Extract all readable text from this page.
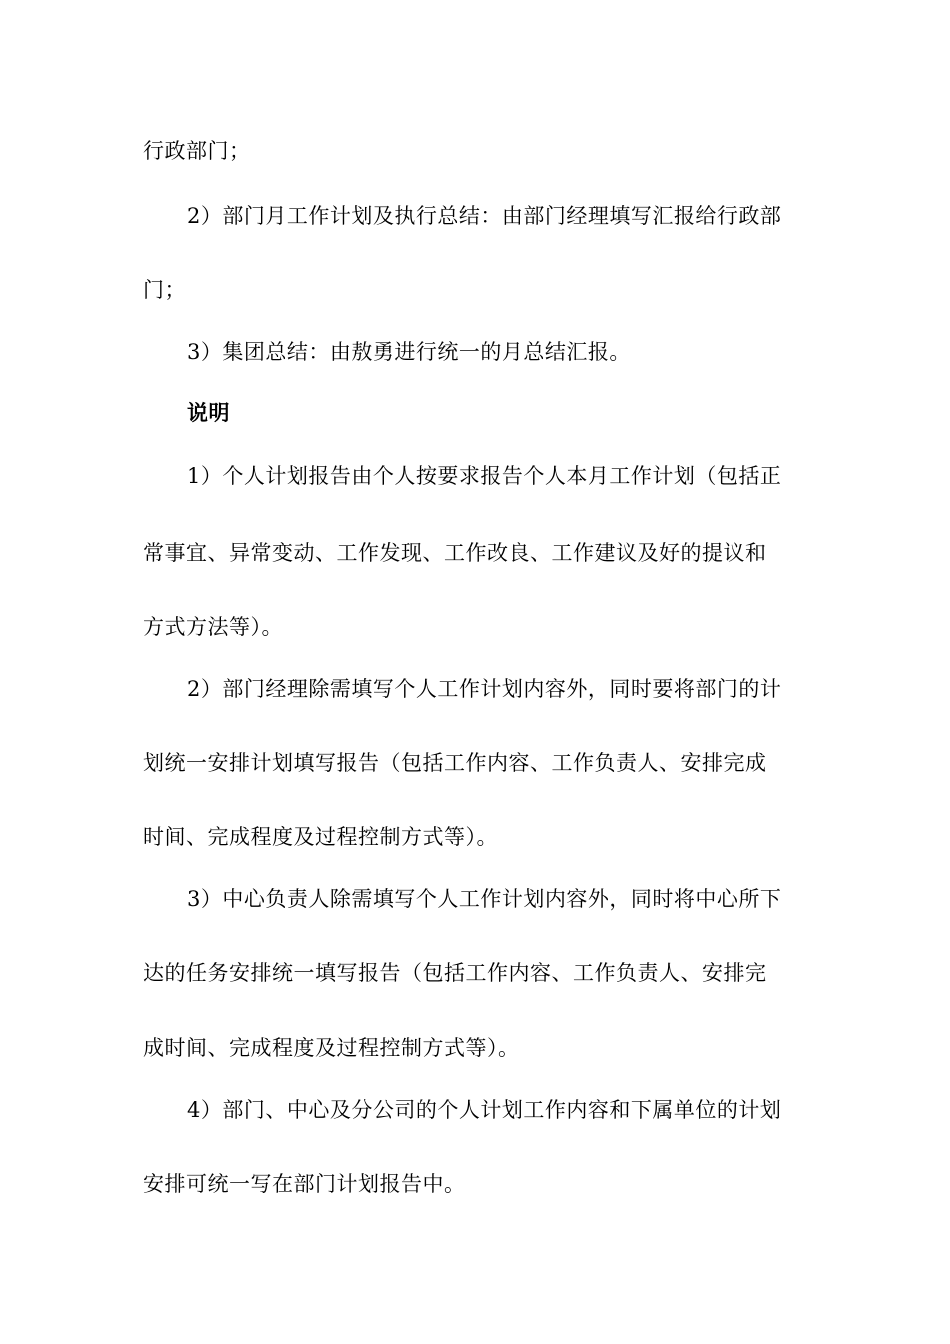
行政部门；
2）部门月工作计划及执行总结：由部门经理填写汇报给行政部
门；
3）集团总结：由敖勇进行统一的月总结汇报。
说明
1）个人计划报告由个人按要求报告个人本月工作计划（包括正
常事宜、异常变动、工作发现、工作改良、工作建议及好的提议和
方式方法等）。
2）部门经理除需填写个人工作计划内容外，同时要将部门的计
划统一安排计划填写报告（包括工作内容、工作负责人、安排完成
时间、完成程度及过程控制方式等）。
3）中心负责人除需填写个人工作计划内容外，同时将中心所下
达的任务安排统一填写报告（包括工作内容、工作负责人、安排完
成时间、完成程度及过程控制方式等）。
4）部门、中心及分公司的个人计划工作内容和下属单位的计划
安排可统一写在部门计划报告中。
